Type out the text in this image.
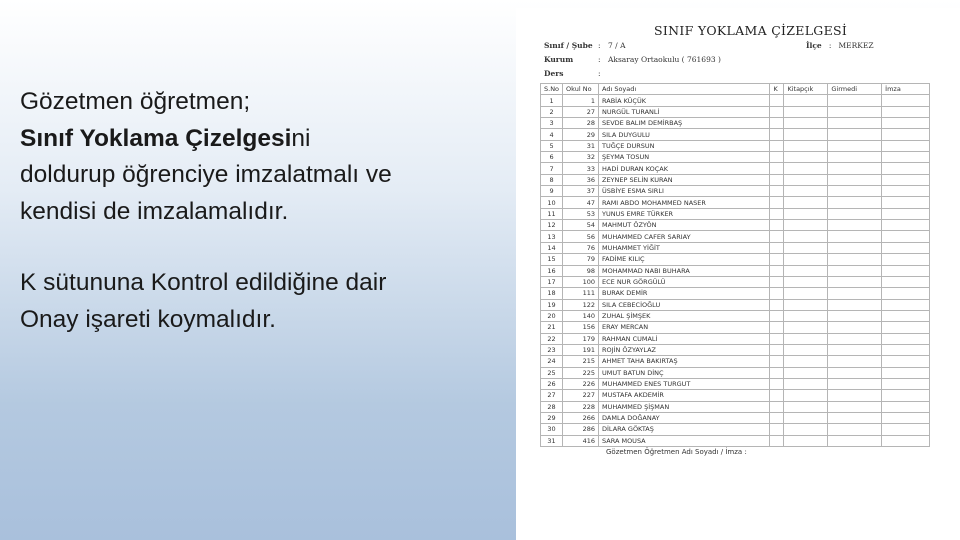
Gözetmen öğretmen;

Sınıf Yoklama Çizelgesini

doldurup öğrenciye imzalatmalı ve

kendisi de imzalamalıdır.

K sütununa Kontrol edildiğine dair

Onay işareti koymalıdır.

SINIF YOKLAMA ÇİZELGESİ
Sınıf / Şube : 7 / A	İlçe : MERKEZ
Kurum	: Aksaray Ortaokulu ( 761693 )
Ders	:
S.No	Okul No	Adı Soyadı	K	Kitapçık	Girmedi	İmza
1	1	RABİA KÜÇÜK				
2	27	NURGÜL TURANLİ				
3	28	SEVDE BALIM DEMİRBAŞ				
4	29	SILA DUYGULU				
5	31	TUĞÇE DURSUN				
6	32	ŞEYMA TOSUN				
7	33	HADİ DURAN KOÇAK				
8	36	ZEYNEP SELİN KURAN				
9	37	ÜSBİYE ESMA SIRLI				
10	47	RAMI ABDO MOHAMMED NASER				
11	53	YUNUS EMRE TÜRKER				
12	54	MAHMUT ÖZYÖN				
13	56	MUHAMMED CAFER SARIAY				
14	76	MUHAMMET YİĞİT				
15	79	FADİME KILIÇ				
16	98	MOHAMMAD NABI BUHARA				
17	100	ECE NUR GÖRGÜLÜ				
18	111	BURAK DEMİR				
19	122	SILA CEBECİOĞLU				
20	140	ZUHAL ŞİMŞEK				
21	156	ERAY MERCAN				
22	179	RAHMAN CUMALİ				
23	191	ROJİN ÖZYAYLAZ				
24	215	AHMET TAHA BAKIRTAŞ				
25	225	UMUT BATUN DİNÇ				
26	226	MUHAMMED ENES TURGUT				
27	227	MUSTAFA AKDEMİR				
28	228	MUHAMMED ŞİŞMAN				
29	266	DAMLA DOĞANAY				
30	286	DİLARA GÖKTAŞ				
31	416	SARA MOUSA				
Gözetmen Öğretmen Adı Soyadı / İmza :
